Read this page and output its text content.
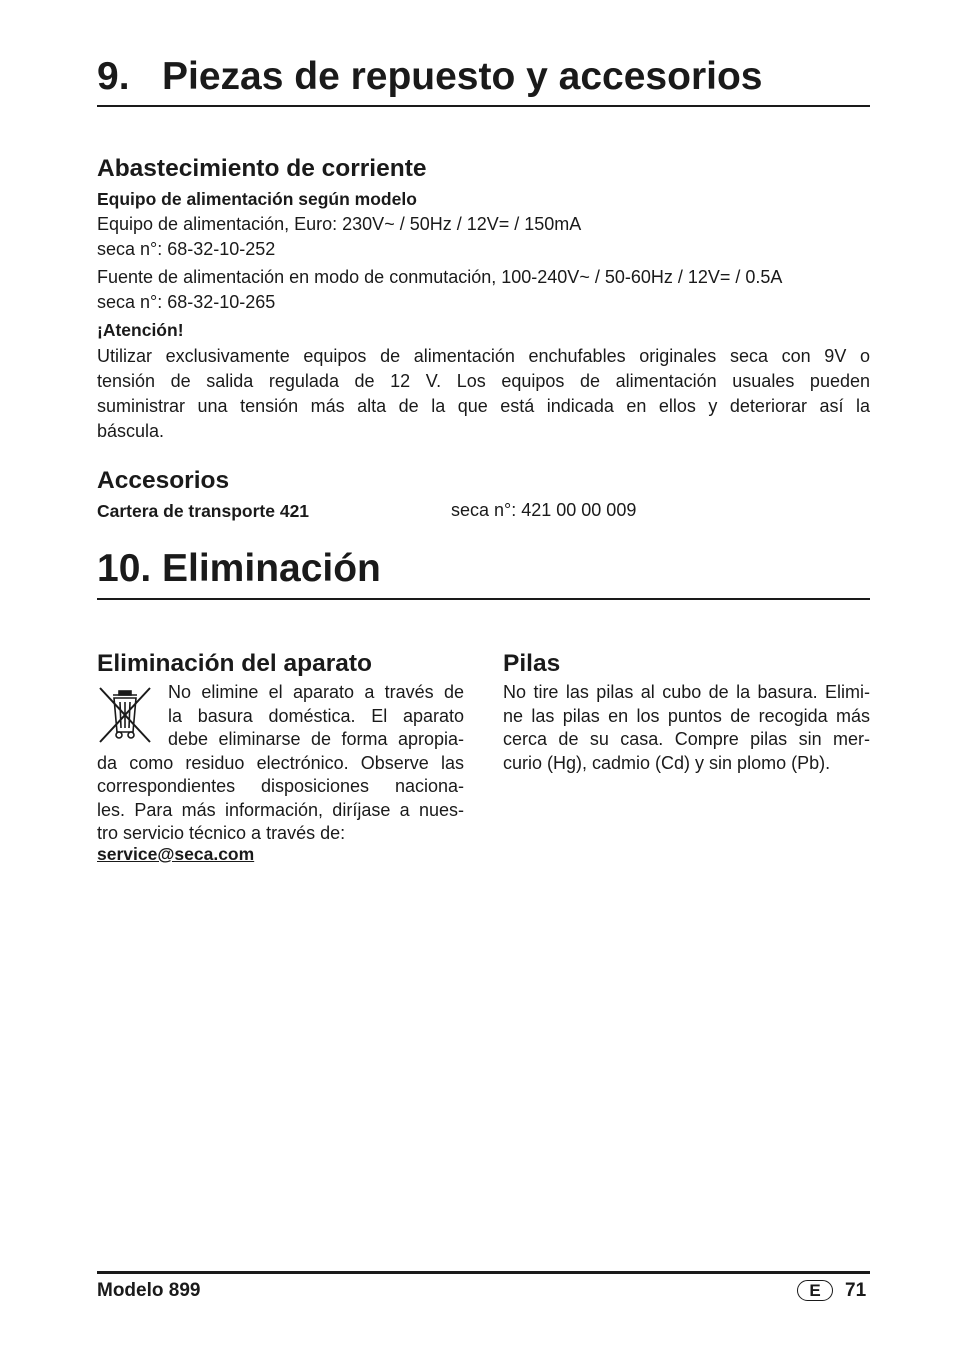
9. Piezas de repuesto y accesorios
Abastecimiento de corriente
Equipo de alimentación según modelo
Equipo de alimentación, Euro: 230V~ / 50Hz / 12V= / 150mA
seca n°: 68-32-10-252
Fuente de alimentación en modo de conmutación, 100-240V~ / 50-60Hz / 12V= / 0.5A
seca n°: 68-32-10-265
¡Atención!
Utilizar exclusivamente equipos de alimentación enchufables originales seca con 9V o
tensión de salida regulada de 12 V. Los equipos de alimentación usuales pueden
suministrar una tensión más alta de la que está indicada en ellos y deteriorar así la
báscula.
Accesorios
Cartera de transporte 421	seca n°: 421 00 00 009
10. Eliminación
Eliminación del aparato
No elimine el aparato a través de
la basura doméstica. El aparato
debe eliminarse de forma apropia-
da como residuo electrónico. Observe las
correspondientes disposiciones naciona-
les. Para más información, diríjase a nues-
tro servicio técnico a través de:
service@seca.com
Pilas
No tire las pilas al cubo de la basura. Elimi-
ne las pilas en los puntos de recogida más
cerca de su casa. Compre pilas sin mer-
curio (Hg), cadmio (Cd) y sin plomo (Pb).
Modelo 899	E	71
